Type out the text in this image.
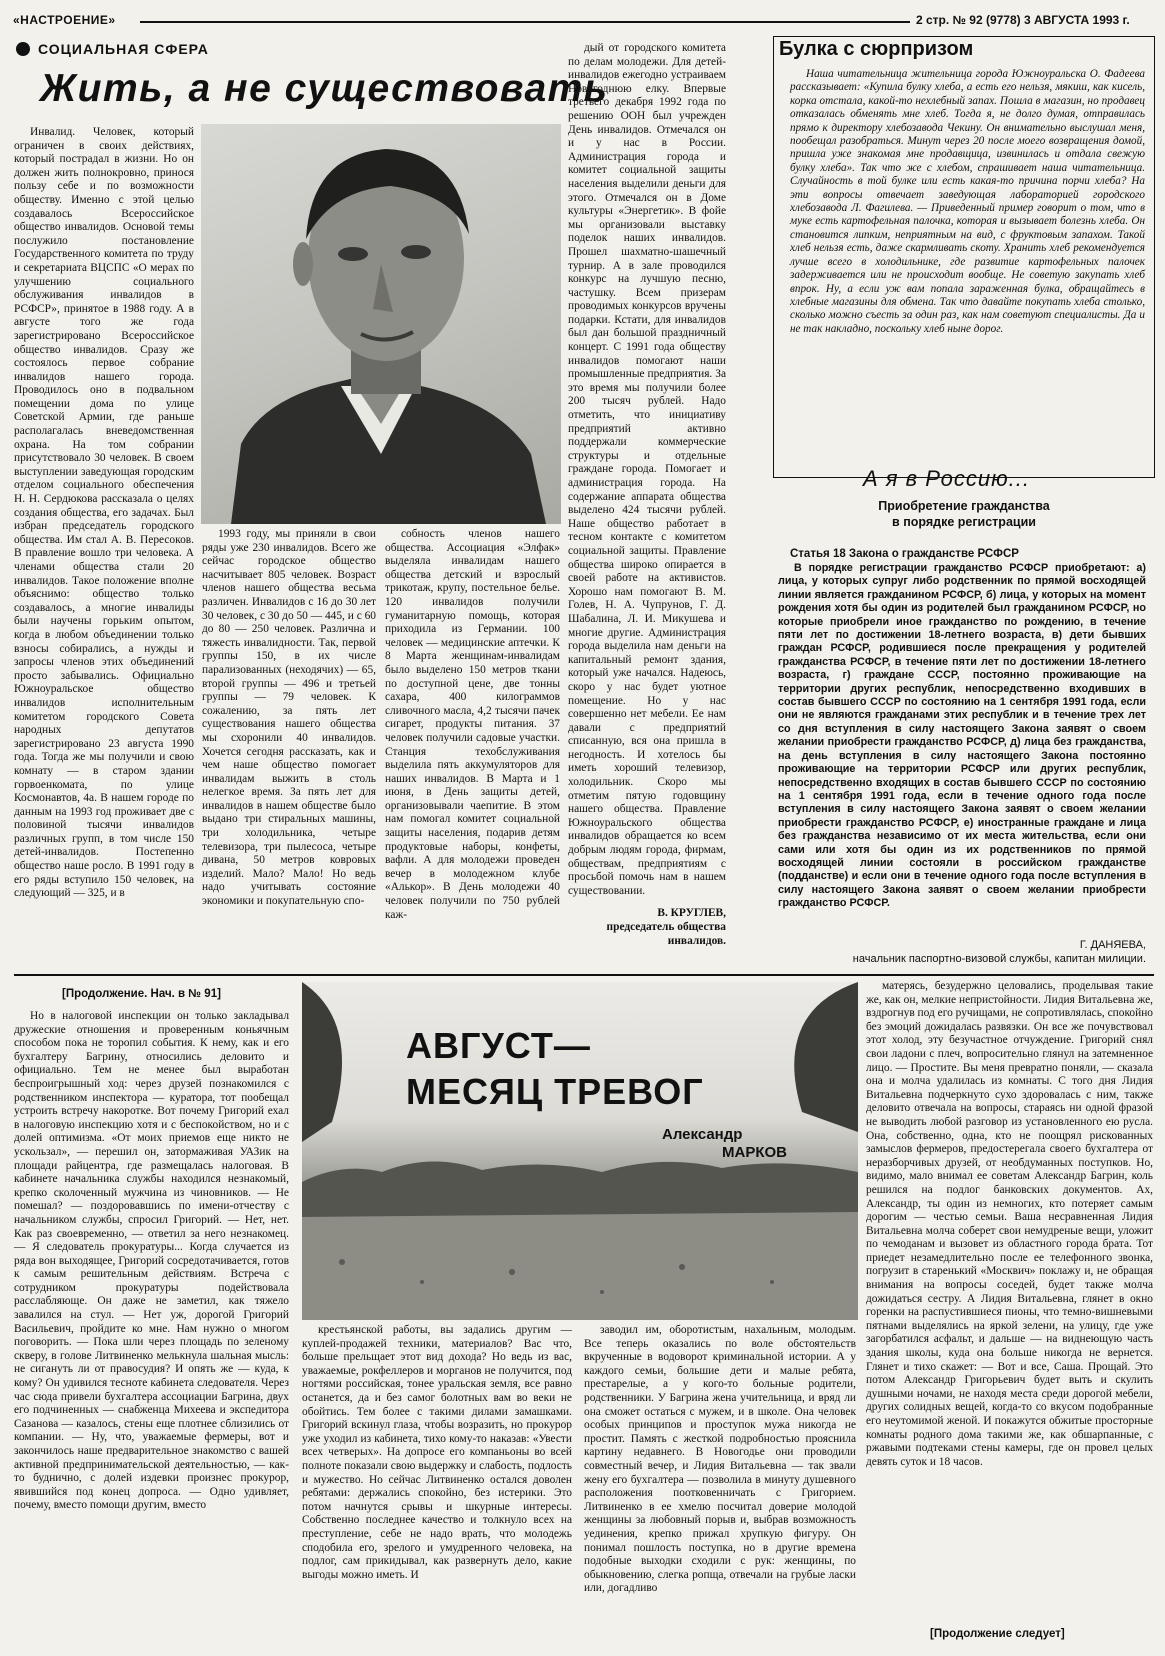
«НАСТРОЕНИЕ»	2 стр. № 92 (9778) 3 АВГУСТА 1993 г.
СОЦИАЛЬНАЯ СФЕРА
Жить, а не существовать

Инвалид. Человек, который ограничен в своих действиях, который пострадал в жизни. Но он должен жить полнокровно, принося пользу себе и по возможности обществу. Именно с этой целью создавалось Всероссийское общество инвалидов. Основой темы послужило постановление Государственного комитета по труду и секретариата ВЦСПС «О мерах по улучшению социального обслуживания инвалидов в РСФСР», принятое в 1988 году. А в августе того же года зарегистрировано Всероссийское общество инвалидов. Сразу же состоялось первое собрание инвалидов нашего города. Проводилось оно в подвальном помещении дома по улице Советской Армии, где раньше располагалась вневедомственная охрана. На том собрании присутствовало 30 человек. В своем выступлении заведующая городским отделом социального обеспечения Н. Н. Сердюкова рассказала о целях создания общества, его задачах. Был избран председатель городского общества. Им стал А. В. Пересоков. В правление вошло три человека. А членами общества стали 20 инвалидов. Такое положение вполне объяснимо: общество только создавалось, а многие инвалиды были научены горьким опытом, когда в любом объединении только взносы собирались, а нужды и запросы членов этих объединений просто забывались. Официально Южноуральское общество инвалидов исполнительным комитетом городского Совета народных депутатов зарегистрировано 23 августа 1990 года. Тогда же мы получили и свою комнату — в старом здании горвоенкомата, по улице Космонавтов, 4а. В нашем городе по данным на 1993 год проживает две с половиной тысячи инвалидов различных групп, в том числе 150 детей-инвалидов. Постепенно общество наше росло. В 1991 году в его ряды вступило 150 человек, на следующий — 325, и в

1993 году, мы приняли в свои ряды уже 230 инвалидов. Всего же сейчас городское общество насчитывает 805 человек. Возраст членов нашего общества весьма различен. Инвалидов с 16 до 30 лет 30 человек, с 30 до 50 — 445, и с 60 до 80 — 250 человек. Различна и тяжесть инвалидности. Так, первой группы 150, в их числе парализованных (неходячих) — 65, второй группы — 496 и третьей группы — 79 человек. К сожалению, за пять лет существования нашего общества мы схоронили 40 инвалидов. Хочется сегодня рассказать, как и чем наше общество помогает инвалидам выжить в столь нелегкое время. За пять лет для инвалидов в нашем обществе было выдано три стиральных машины, три холодильника, четыре телевизора, три пылесоса, четыре дивана, 50 метров ковровых изделий. Мало? Мало! Но ведь надо учитывать состояние экономики и покупательную спо-

собность членов нашего общества. Ассоциация «Элфак» выделяла инвалидам нашего общества детский и взрослый трикотаж, крупу, постельное белье. 120 инвалидов получили гуманитарную помощь, которая приходила из Германии. 100 человек — медицинские аптечки. К 8 Марта женщинам-инвалидам было выделено 150 метров ткани по доступной цене, две тонны сахара, 400 килограммов сливочного масла, 4,2 тысячи пачек сигарет, продукты питания. 37 человек получили садовые участки. Станция техобслуживания выделила пять аккумуляторов для наших инвалидов. В Марта и 1 июня, в День защиты детей, организовывали чаепитие. В этом нам помогал комитет социальной защиты населения, подарив детям продуктовые наборы, конфеты, вафли. А для молодежи проведен вечер в молодежном клубе «Алькор». В День молодежи 40 человек получили по 750 рублей каж-

дый от городского комитета по делам молодежи. Для детей-инвалидов ежегодно устраиваем Новогоднюю елку. Впервые третьего декабря 1992 года по решению ООН был учрежден День инвалидов. Отмечался он и у нас в России. Администрация города и комитет социальной защиты населения выделили деньги для этого. Отмечался он в Доме культуры «Энергетик». В фойе мы организовали выставку поделок наших инвалидов. Прошел шахматно-шашечный турнир. А в зале проводился конкурс на лучшую песню, частушку. Всем призерам проводимых конкурсов вручены подарки. Кстати, для инвалидов был дан большой праздничный концерт. С 1991 года обществу инвалидов помогают наши промышленные предприятия. За это время мы получили более 200 тысяч рублей. Надо отметить, что инициативу предприятий активно поддержали коммерческие структуры и отдельные граждане города. Помогает и администрация города. На содержание аппарата общества выделено 424 тысячи рублей. Наше общество работает в тесном контакте с комитетом социальной защиты. Правление общества широко опирается в своей работе на активистов. Хорошо нам помогают В. М. Голев, Н. А. Чупрунов, Г. Д. Шабалина, Л. И. Микушева и многие другие. Администрация города выделила нам деньги на капитальный ремонт здания, который уже начался. Надеюсь, скоро у нас будет уютное помещение. Но у нас совершенно нет мебели. Ее нам давали с предприятий списанную, вся она пришла в негодность. И хотелось бы иметь хороший телевизор, холодильник. Скоро мы отметим пятую годовщину нашего общества. Правление Южноуральского общества инвалидов обращается ко всем добрым людям города, фирмам, обществам, предприятиям с просьбой помочь нам в нашем существовании.

В. КРУГЛЕВ,
председатель общества инвалидов.
Булка с сюрпризом

Наша читательница жительница города Южноуральска О. Фадеева рассказывает: «Купила булку хлеба, а есть его нельзя, мякиш, как кисель, корка отстала, какой-то нехлебный запах. Пошла в магазин, но продавец отказалась обменять мне хлеб. Тогда я, не долго думая, отправилась прямо к директору хлебозавода Чекину. Он внимательно выслушал меня, пообещал разобраться. Минут через 20 после моего возвращения домой, пришла уже знакомая мне продавщица, извинилась и отдала свежую булку хлеба». Так что же с хлебом, спрашивает наша читательница. Случайность в той булке или есть какая-то причина порчи хлеба? На эти вопросы отвечает заведующая лабораторией городского хлебозавода Л. Фагилева. — Приведенный пример говорит о том, что в муке есть картофельная палочка, которая и вызывает болезнь хлеба. Он становится липким, неприятным на вид, с фруктовым запахом. Такой хлеб нельзя есть, даже скармливать скоту. Хранить хлеб рекомендуется лучше всего в холодильнике, где развитие картофельных палочек задерживается или не происходит вообще. Не советую закупать хлеб впрок. Ну, а если уж вам попала зараженная булка, обращайтесь в хлебные магазины для обмена. Так что давайте покупать хлеба столько, сколько можно съесть за один раз, как нам советуют специалисты. Да и не так накладно, поскольку хлеб ныне дорог.

А я в Россию...
Приобретение гражданства
в порядке регистрации
Статья 18 Закона о гражданстве РСФСР

В порядке регистрации гражданство РСФСР приобретают: а) лица, у которых супруг либо родственник по прямой восходящей линии является гражданином РСФСР, б) лица, у которых на момент рождения хотя бы один из родителей был гражданином РСФСР, но которые приобрели иное гражданство по рождению, в течение пяти лет по достижении 18-летнего возраста, в) дети бывших граждан РСФСР, родившиеся после прекращения у родителей гражданства РСФСР, в течение пяти лет по достижении 18-летнего возраста, г) граждане СССР, постоянно проживающие на территории других республик, непосредственно входивших в состав бывшего СССР по состоянию на 1 сентября 1991 года, если они не являются гражданами этих республик и в течение трех лет со дня вступления в силу настоящего Закона заявят о своем желании приобрести гражданство РСФСР, д) лица без гражданства, на день вступления в силу настоящего Закона постоянно проживающие на территории РСФСР или других республик, непосредственно входящих в состав бывшего СССР по состоянию на 1 сентября 1991 года, если в течение одного года после вступления в силу настоящего Закона заявят о своем желании приобрести гражданство РСФСР, е) иностранные граждане и лица без гражданства независимо от их места жительства, если они сами или хотя бы один из их родственников по прямой восходящей линии состояли в российском гражданстве (подданстве) и если они в течение одного года после вступления в силу настоящего Закона заявят о своем желании приобрести гражданство РСФСР.

Г. ДАНЯЕВА,
начальник паспортно-визовой службы, капитан милиции.
[Продолжение. Нач. в № 91]
АВГУСТ—
МЕСЯЦ ТРЕВОГ
Александр
МАРКОВ

Но в налоговой инспекции он только закладывал дружеские отношения и проверенным коньячным способом пока не торопил события. К нему, как и его бухгалтеру Багрину, относились деловито и официально. Тем не менее был выработан беспроигрышный ход: через друзей познакомился с родственником инспектора — куратора, тот пообещал устроить встречу накоротке. Вот почему Григорий ехал в налоговую инспекцию хотя и с беспокойством, но и с долей оптимизма. «От моих приемов еще никто не ускользал», — перешил он, затормаживая УАЗик на площади райцентра, где размещалась налоговая. В кабинете начальника службы находился незнакомый, крепко сколоченный мужчина из чиновников. — Не помешал? — поздоровавшись по имени-отчеству с начальником службы, спросил Григорий. — Нет, нет. Как раз своевременно, — ответил за него незнакомец. — Я следователь прокуратуры... Когда случается из ряда вон выходящее, Григорий сосредотачивается, готов к самым решительным действиям. Встреча с сотрудником прокуратуры подействовала расслабляюще. Он даже не заметил, как тяжело завалился на стул. — Нет уж, дорогой Григорий Васильевич, пройдите ко мне. Нам нужно о многом поговорить. — Пока шли через площадь по зеленому скверу, в голове Литвиненко мелькнула шальная мысль: не сигануть ли от правосудия? И опять же — куда, к кому? Он удивился тесноте кабинета следователя. Через час сюда привели бухгалтера ассоциации Багрина, двух его подчиненных — снабженца Михеева и экспедитора Сазанова — казалось, стены еще плотнее сблизились от компании. — Ну, что, уважаемые фермеры, вот и закончилось наше предварительное знакомство с вашей активной предпринимательской деятельностью, — как-то буднично, с долей издевки произнес прокурор, явившийся под конец допроса. — Одно удивляет, почему, вместо помощи другим, вместо

крестьянской работы, вы задались другим — куплей-продажей техники, материалов? Вас что, больше прельщает этот вид дохода? Но ведь из вас, уважаемые, рокфеллеров и морганов не получится, под ногтями российская, тонее уральская земля, все равно останется, да и без самог болотных вам во веки не обойтись. Тем более с такими дилами замашками. Григорий вскинул глаза, чтобы возразить, но прокурор уже уходил из кабинета, тихо кому-то наказав: «Увести всех четверых». На допросе его компаньоны во всей полноте показали свою выдержку и слабость, подлость и мужество. Но сейчас Литвиненко остался доволен ребятами: держались спокойно, без истерики. Это потом начнутся срывы и шкурные интересы. Собственно последнее качество и толкнуло всех на преступление, себе не надо врать, что молодежь сподобила его, зрелого и умудренного человека, на подлог, сам прикидывал, как развернуть дело, какие выгоды можно иметь. И

заводил им, оборотистым, нахальным, молодым. Все теперь оказались по воле обстоятельств вкрученные в водоворот криминальной истории. А у каждого семьи, большие дети и малые ребята, престарелые, а у кого-то больные родители, родственники. У Багрина жена учительница, и вряд ли она сможет остаться с мужем, и в школе. Она человек особых принципов и проступок мужа никогда не простит. Память с жесткой подробностью прояснила картину недавнего. В Новогодье они проводили совместный вечер, и Лидия Витальевна — так звали жену его бухгалтера — позволила в минуту душевного расположения поотковенничать с Григорием. Литвиненко в ее хмелю посчитал доверие молодой женщины за любовный порыв и, выбрав возможность уединения, крепко прижал хрупкую фигуру. Он понимал пошлость поступка, но в другие времена подобные выходки сходили с рук: женщины, по обыкновению, слегка ропща, отвечали на грубые ласки или, догадливо

матерясь, безудержно целовались, проделывая такие же, как он, мелкие непристойности. Лидия Витальевна же, вздрогнув под его ручищами, не сопротивлялась, спокойно без эмоций дожидалась развязки. Он все же почувствовал этот холод, эту безучастное отчуждение. Григорий снял свои ладони с плеч, вопросительно глянул на затемненное лицо. — Простите. Вы меня превратно поняли, — сказала она и молча удалилась из комнаты. С того дня Лидия Витальевна подчеркнуто сухо здоровалась с ним, также деловито отвечала на вопросы, стараясь ни одной фразой не выводить любой разговор из установленного ею русла. Она, собственно, одна, кто не поощрял рискованных замыслов фермеров, предостерегала своего бухгалтера от неразборчивых друзей, от необдуманных поступков. Но, видимо, мало внимал ее советам Александр Багрин, коль решился на подлог банковских документов. Ах, Александр, ты один из немногих, кто потеряет самым дорогим — честью семьи. Ваша несравненная Лидия Витальевна молча соберет свои немудреные вещи, уложит по чемоданам и вызовет из областного города брата. Тот приедет незамедлительно после ее телефонного звонка, погрузит в старенький «Москвич» поклажу и, не обращая внимания на вопросы соседей, будет также молча дожидаться сестру. А Лидия Витальевна, глянет в окно горенки на распустившиеся пионы, что темно-вишневыми пятнами выделялись на яркой зелени, на улицу, где уже загорбатился асфальт, и дальше — на виднеющую часть здания школы, куда она больше никогда не вернется. Глянет и тихо скажет: — Вот и все, Саша. Прощай. Это потом Александр Григорьевич будет выть и скулить душными ночами, не находя места среди дорогой мебели, других солидных вещей, когда-то со вкусом подобранные его неутомимой женой. И покажутся обжитые просторные комнаты родного дома такими же, как обшарпанные, с ржавыми подтеками стены камеры, где он провел целых девять суток и 18 часов.

[Продолжение следует]
